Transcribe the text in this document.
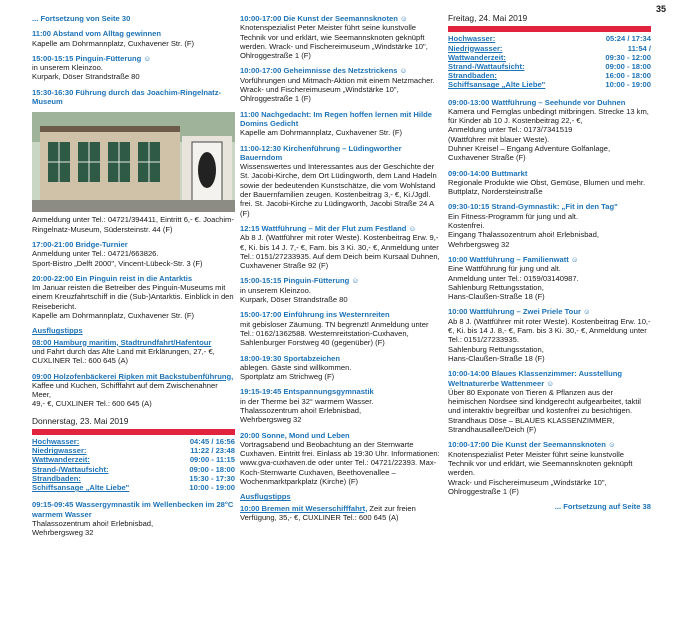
35
... Fortsetzung von Seite 30
11:00 Abstand vom Alltag gewinnen
Kapelle am Dohrmannplatz, Cuxhavener Str. (F)
15:00-15:15 Pinguin-Fütterung ☺
in unserem Kleinzoo.
Kurpark, Döser Strandstraße 80
15:30-16:30 Führung durch das Joachim-Ringelnatz-Museum
Anmeldung unter Tel.: 04721/394411, Eintritt 6,- €. Joachim-Ringelnatz-Museum, Südersteinstr. 44 (F)
17:00-21:00 Bridge-Turnier
Anmeldung unter Tel.: 04721/663826.
Sport-Bistro „Delft 2000", Vincent-Lübeck-Str. 3 (F)
20:00-22:00 Ein Pinguin reist in die Antarktis
Im Januar reisten die Betreiber des Pinguin-Museums mit einem Kreuzfahrtschiff in die (Sub-)Antarktis. Einblick in den Reisebericht.
Kapelle am Dohrmannplatz, Cuxhavener Str. (F)
Ausflugstipps
08:00 Hamburg maritim, Stadtrundfahrt/Hafentour
und Fahrt durch das Alte Land mit Erklärungen, 27,- €, CUXLINER Tel.: 600 645 (A)
09:00 Holzofenbäckerei Ripken mit Backstubenführung, Kaffee und Kuchen, Schifffahrt auf dem Zwischenahner Meer,
49,- €, CUXLINER Tel.: 600 645 (A)
Donnerstag, 23. Mai 2019
Hochwasser:	04:45 / 16:56
Niedrigwasser:	11:22 / 23:48
Wattwanderzeit:	09:00 - 11:15
Strand-/Wattaufsicht:	09:00 - 18:00
Strandbaden:	15:30 - 17:30
Schiffsansage „Alte Liebe"	10:00 - 19:00
09:15-09:45 Wassergymnastik im Wellenbecken im 28°C warmem Wasser
Thalassozentrum ahoi! Erlebnisbad,
Wehrbergsweg 32
10:00-17:00 Die Kunst der Seemannsknoten ☺
Knotenspezialist Peter Meister führt seine kunstvolle Technik vor und erklärt, wie Seemannsknoten geknüpft werden. Wrack- und Fischereimuseum „Windstärke 10", Ohlroggestraße 1 (F)
10:00-17:00 Geheimnisse des Netzstrickens ☺
Vorführungen und Mitmach-Aktion mit einem Netzmacher. Wrack- und Fischereimuseum „Windstärke 10", Ohlroggestraße 1 (F)
11:00 Nachgedacht: Im Regen hoffen lernen mit Hilde Domins Gedicht
Kapelle am Dohrmannplatz, Cuxhavener Str. (F)
11:00-12:30 Kirchenführung – Lüdingworther Bauerndom
Wissenswertes und Interessantes aus der Geschichte der St. Jacobi-Kirche, dem Ort Lüdingworth, dem Land Hadeln sowie der bedeutenden Kunstschätze, die vom Wohlstand der Bauernfamilien zeugen. Kostenbeitrag 3,- €, Ki./Jgdl. frei. St. Jacobi-Kirche zu Lüdingworth, Jacobi Straße 24 A (F)
12:15 Wattführung – Mit der Flut zum Festland ☺
Ab 8 J. (Wattführer mit roter Weste). Kostenbeitrag Erw. 9,- €, Ki. bis 14 J. 7,- €, Fam. bis 3 Ki. 30,- €, Anmeldung unter Tel.: 0151/27233935. Auf dem Deich beim Kursaal Duhnen, Cuxhavener Straße 92 (F)
15:00-15:15 Pinguin-Fütterung ☺
in unserem Kleinzoo.
Kurpark, Döser Strandstraße 80
15:00-17:00 Einführung ins Westernreiten
mit gebisloser Zäumung. TN begrenzt! Anmeldung unter Tel.: 0162/1362588. Westernreitstation-Cuxhaven, Sahlenburger Forstweg 40 (gegenüber) (F)
18:00-19:30 Sportabzeichen
ablegen. Gäste sind willkommen.
Sportplatz am Strichweg (F)
19:15-19:45 Entspannungsgymnastik
in der Therme bei 32° warmem Wasser.
Thalassozentrum ahoi! Erlebnisbad,
Wehrbergsweg 32
20:00 Sonne, Mond und Leben
Vortragsabend und Beobachtung an der Sternwarte Cuxhaven. Eintritt frei. Einlass ab 19:30 Uhr. Informationen: www.gva-cuxhaven.de oder unter Tel.: 04721/22393. Max-Koch-Sternwarte Cuxhaven, Beethovenallee – Wochenmarktparkplatz (Kirche) (F)
Ausflugstipps
10:00 Bremen mit Weserschifffahrt, Zeit zur freien Verfügung, 35,- €, CUXLINER Tel.: 600 645 (A)
Freitag, 24. Mai 2019
Hochwasser:	05:24 / 17:34
Niedrigwasser:	11:54 /
Wattwanderzeit:	09:30 - 12:00
Strand-/Wattaufsicht:	09:00 - 18:00
Strandbaden:	16:00 - 18:00
Schiffsansage „Alte Liebe"	10:00 - 19:00
09:00-13:00 Wattführung – Seehunde vor Duhnen
Kamera und Fernglas unbedingt mitbringen. Strecke 13 km, für Kinder ab 10 J. Kostenbeitrag 22,- €,
Anmeldung unter Tel.: 0173/7341519
(Wattführer mit blauer Weste).
Duhner Kreisel – Engang Adventure Golfanlage, Cuxhavener Straße (F)
09:00-14:00 Buttmarkt
Regionale Produkte wie Obst, Gemüse, Blumen und mehr. Buttplatz, Nordersteinstraße
09:30-10:15 Strand-Gymnastik: „Fit in den Tag"
Ein Fitness-Programm für jung und alt.
Kostenfrei.
Eingang Thalassozentrum ahoi! Erlebnisbad, Wehrbergsweg 32
10:00 Wattführung – Familienwatt ☺
Eine Wattführung für jung und alt.
Anmeldung unter Tel.: 0159/03140987.
Sahlenburg Rettungsstation,
Hans-Claußen-Straße 18 (F)
10:00 Wattführung – Zwei Priele Tour ☺
Ab 8 J. (Wattführer mit roter Weste). Kostenbeitrag Erw. 10,- €, Ki. bis 14 J. 8,- €, Fam. bis 3 Ki. 30,- €, Anmeldung unter Tel.: 0151/27233935.
Sahlenburg Rettungsstation,
Hans-Claußen-Straße 18 (F)
10:00-14:00 Blaues Klassenzimmer: Ausstellung Weltnaturerbe Wattenmeer ☺
Über 80 Exponate von Tieren & Pflanzen aus der heimischen Nordsee sind kindgerecht aufgearbeitet, taktil und interaktiv begreifbar und kostenfrei zu besichtigen.
Strandhaus Döse – BLAUES KLASSENZIMMER, Strandhausallee/Deich (F)
10:00-17:00 Die Kunst der Seemannsknoten ☺
Knotenspezialist Peter Meister führt seine kunstvolle Technik vor und erklärt, wie Seemannsknoten geknüpft werden.
Wrack- und Fischereimuseum „Windstärke 10",
Ohlroggestraße 1 (F)
... Fortsetzung auf Seite 38
